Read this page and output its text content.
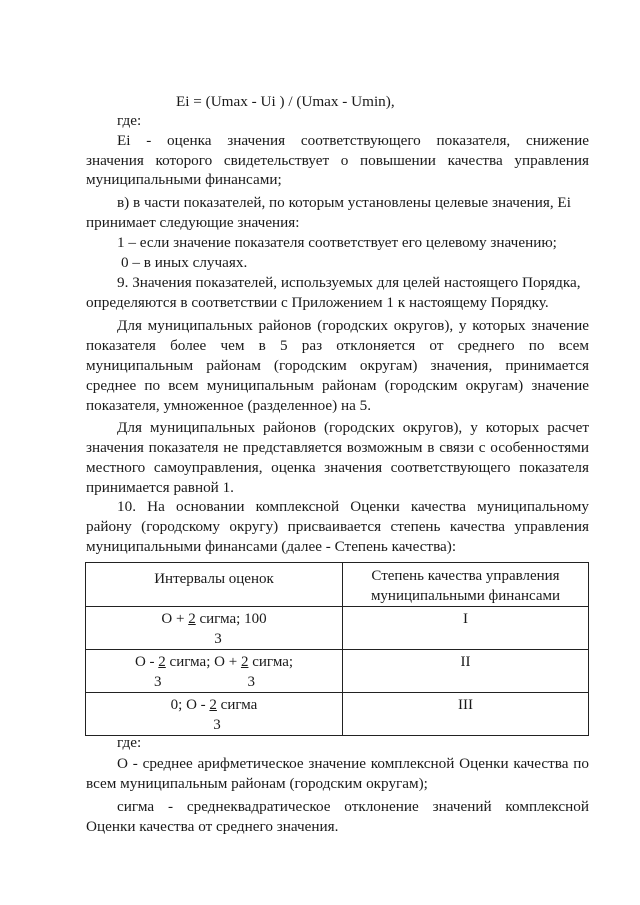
Ei = (Umax - Ui ) / (Umax - Umin),
где:
Ei - оценка значения соответствующего показателя, снижение
значения которого свидетельствует о повышении качества управления
муниципальными финансами;
в) в части показателей, по которым установлены целевые значения, Ei
принимает следующие значения:
1 – если значение показателя соответствует его целевому значению;
0 – в иных случаях.
9. Значения показателей, используемых для целей настоящего Порядка,
определяются в соответствии с Приложением 1 к настоящему Порядку.
Для муниципальных районов (городских округов), у которых значение
показателя более чем в 5 раз отклоняется от среднего по всем
муниципальным районам (городским округам) значения, принимается
среднее по всем муниципальным районам (городским округам) значение
показателя, умноженное (разделенное) на 5.
Для муниципальных районов (городских округов), у которых расчет
значения показателя не представляется возможным в связи с особенностями
местного самоуправления, оценка значения соответствующего показателя
принимается равной 1.
10. На основании комплексной Оценки качества муниципальному
району (городскому округу) присваивается степень качества управления
муниципальными финансами (далее - Степень качества):
Интервалы оценок	Степень качества управления
муниципальными финансами

О + 2 сигма; 100
3	I

О - 2 сигма; О + 2 сигма;
3 3	II

0; О - 2 сигма
3	III
где:
О - среднее арифметическое значение комплексной Оценки качества по
всем муниципальным районам (городским округам);
сигма - среднеквадратическое отклонение значений комплексной
Оценки качества от среднего значения.
